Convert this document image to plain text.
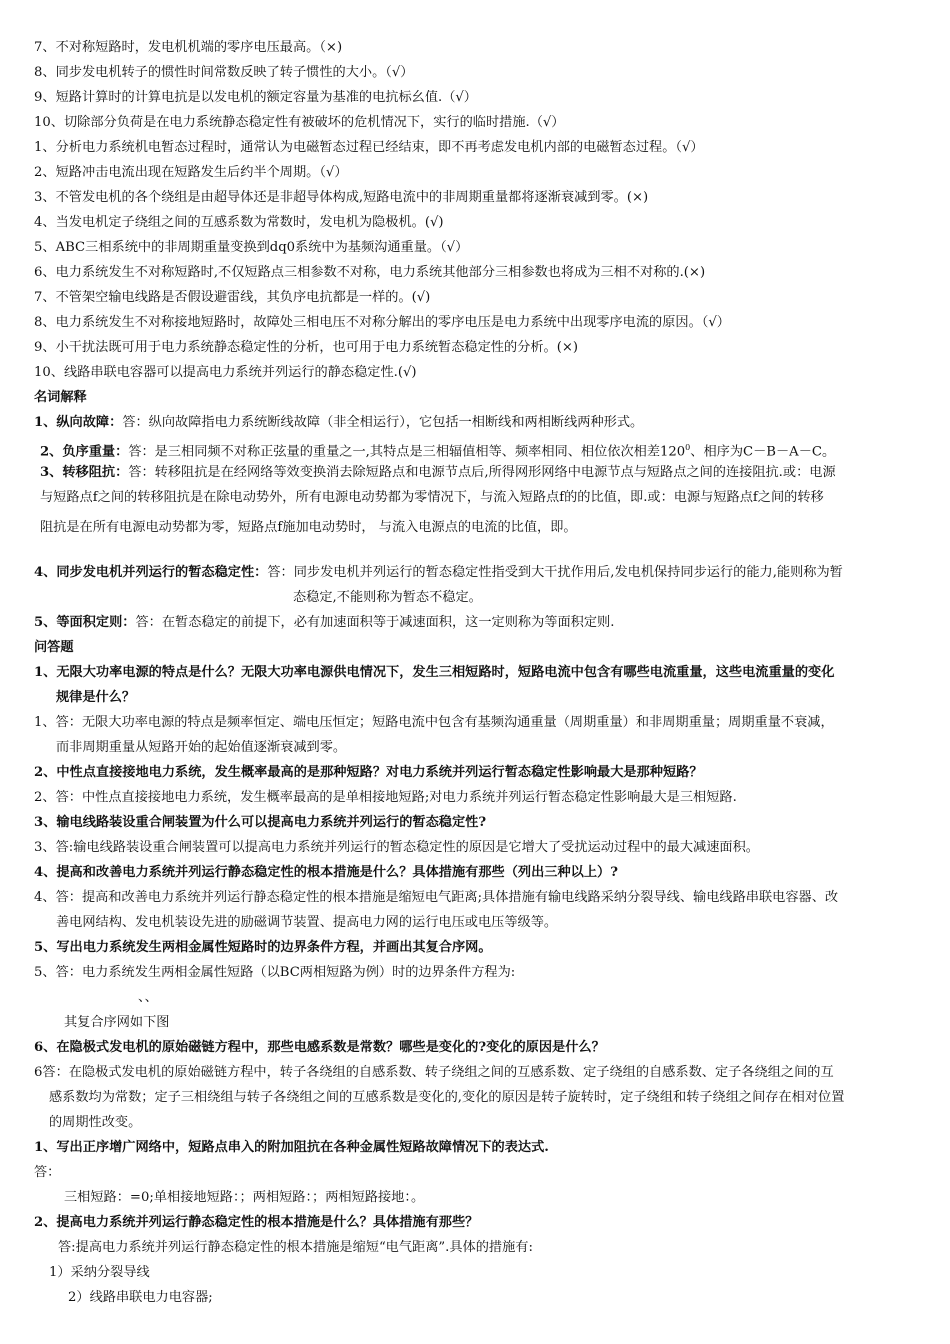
7、不对称短路时，发电机机端的零序电压最高。（×)
8、同步发电机转子的惯性时间常数反映了转子惯性的大小。（√）
9、短路计算时的计算电抗是以发电机的额定容量为基准的电抗标幺值.（√）
10、切除部分负荷是在电力系统静态稳定性有被破坏的危机情况下，实行的临时措施.（√）
1、分析电力系统机电暂态过程时，通常认为电磁暂态过程已经结束，即不再考虑发电机内部的电磁暂态过程。（√）
2、短路冲击电流出现在短路发生后约半个周期。（√）
3、不管发电机的各个绕组是由超导体还是非超导体构成,短路电流中的非周期重量都将逐渐衰减到零。(×)
4、当发电机定子绕组之间的互感系数为常数时，发电机为隐极机。(√)
5、ABC三相系统中的非周期重量变换到dq0系统中为基频沟通重量。（√）
6、电力系统发生不对称短路时,不仅短路点三相参数不对称，电力系统其他部分三相参数也将成为三相不对称的.(×)
7、不管架空输电线路是否假设避雷线，其负序电抗都是一样的。(√)
8、电力系统发生不对称接地短路时，故障处三相电压不对称分解出的零序电压是电力系统中出现零序电流的原因。（√）
9、小干扰法既可用于电力系统静态稳定性的分析，也可用于电力系统暂态稳定性的分析。(×)
10、线路串联电容器可以提高电力系统并列运行的静态稳定性.(√)
名词解释
1、纵向故障：答：纵向故障指电力系统断线故障（非全相运行），它包括一相断线和两相断线两种形式。
2、负序重量：答：是三相同频不对称正弦量的重量之一,其特点是三相辐值相等、频率相同、相位依次相差$120^0$、相序为C－B－A－C。
3、转移阻抗：答：转移阻抗是在经网络等效变换消去除短路点和电源节点后,所得网形网络中电源节点与短路点之间的连接阻抗.或：电源
与短路点f之间的转移阻抗是在除电动势外，所有电源电动势都为零情况下，与流入短路点f的的比值，即.或：电源与短路点f之间的转移
阻抗是在所有电源电动势都为零，短路点f施加电动势时， 与流入电源点的电流的比值，即。
4、同步发电机并列运行的暂态稳定性：答：同步发电机并列运行的暂态稳定性指受到大干扰作用后,发电机保持同步运行的能力,能则称为暂
态稳定,不能则称为暂态不稳定。
5、等面积定则：答：在暂态稳定的前提下，必有加速面积等于减速面积，这一定则称为等面积定则.
问答题
1、无限大功率电源的特点是什么？无限大功率电源供电情况下，发生三相短路时，短路电流中包含有哪些电流重量，这些电流重量的变化
规律是什么？
1、答：无限大功率电源的特点是频率恒定、端电压恒定；短路电流中包含有基频沟通重量（周期重量）和非周期重量；周期重量不衰减，
而非周期重量从短路开始的起始值逐渐衰减到零。
2、中性点直接接地电力系统，发生概率最高的是那种短路？对电力系统并列运行暂态稳定性影响最大是那种短路？
2、答：中性点直接接地电力系统，发生概率最高的是单相接地短路;对电力系统并列运行暂态稳定性影响最大是三相短路.
3、输电线路装设重合闸装置为什么可以提高电力系统并列运行的暂态稳定性?
3、答:输电线路装设重合闸装置可以提高电力系统并列运行的暂态稳定性的原因是它增大了受扰运动过程中的最大减速面积。
4、提高和改善电力系统并列运行静态稳定性的根本措施是什么？具体措施有那些（列出三种以上）?
4、答：提高和改善电力系统并列运行静态稳定性的根本措施是缩短电气距离;具体措施有输电线路采纳分裂导线、输电线路串联电容器、改
善电网结构、发电机装设先进的励磁调节装置、提高电力网的运行电压或电压等级等。
5、写出电力系统发生两相金属性短路时的边界条件方程，并画出其复合序网。
5、答：电力系统发生两相金属性短路（以BC两相短路为例）时的边界条件方程为:
、、
其复合序网如下图
6、在隐极式发电机的原始磁链方程中，那些电感系数是常数？哪些是变化的?变化的原因是什么？
6答：在隐极式发电机的原始磁链方程中，转子各绕组的自感系数、转子绕组之间的互感系数、定子绕组的自感系数、定子各绕组之间的互
感系数均为常数；定子三相绕组与转子各绕组之间的互感系数是变化的,变化的原因是转子旋转时，定子绕组和转子绕组之间存在相对位置
的周期性改变。
1、写出正序增广网络中，短路点串入的附加阻抗在各种金属性短路故障情况下的表达式.
答：
三相短路：=0;单相接地短路：；两相短路：；两相短路接地：。
2、提高电力系统并列运行静态稳定性的根本措施是什么？具体措施有那些？
答:提高电力系统并列运行静态稳定性的根本措施是缩短“电气距离”.具体的措施有:
1）采纳分裂导线
2）线路串联电力电容器;
